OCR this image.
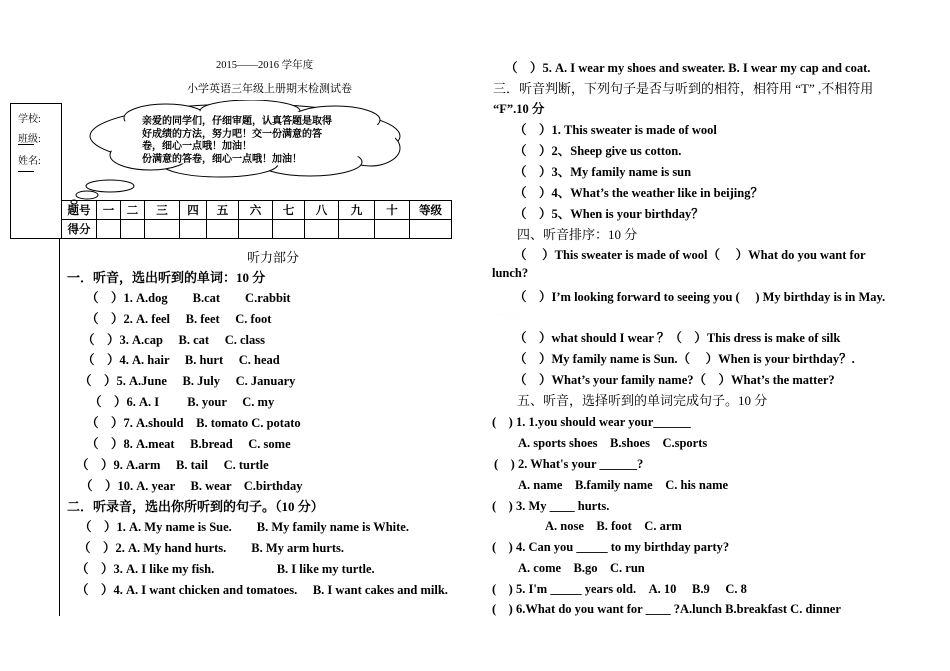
2015——2016 学年度
小学英语三年级上册期末检测试卷
学校:
班级:
姓名:
亲爱的同学们，仔细审题，认真答题是取得
好成绩的方法，努力吧！交一份满意的答
卷，细心一点哦！加油！
份满意的答卷，细心一点哦！加油！
题号	一	二	三	四	五	六	七	八	九	十	等级
得分											
听力部分
一．听音，选出听到的单词：10 分
（　）1. A.dog　　B.cat　　C.rabbit
（　）2. A. feel　 B. feet　 C. foot
（　）3. A.cap　 B. cat　 C. class
（　）4. A. hair　 B. hurt　 C. head
（　）5. A.June　 B. July　 C. January
（　）6. A. I　　 B. your　 C. my
（　）7. A.should　B. tomato C. potato
（　）8. A.meat　 B.bread　 C. some
（　）9. A.arm　 B. tail　 C. turtle
（　）10. A. year　 B. wear　C.birthday
二．听录音，选出你所听到的句子。（10 分）
（　）1. A. My name is Sue.　　B. My family name is White.
（　）2. A. My hand hurts.　　B. My arm hurts.
（　）3. A. I like my fish.　　　　　B. I like my turtle.
（　）4. A. I want chicken and tomatoes.　 B. I want cakes and milk.
（　）5. A. I wear my shoes and sweater. B. I wear my cap and coat.
三．听音判断，下列句子是否与听到的相符，相符用 “T” ,不相符用
“F”.10 分
（　）1. This sweater is made of wool
（　）2、Sheep give us cotton.
（　）3、My family name is sun
（　）4、What’s the weather like in beijing？
（　）5、When is your birthday？
四、听音排序：10 分
（　 ）This sweater is made of wool（　 ）What do you want for
lunch?
（　）I’m looking forward to seeing you (　 ) My birthday is in May.
· · · · · ·
（　）what should I wear ？（　）This dress is make of silk
（　）My family name is Sun.（　 ）When is your birthday？.
（　）What’s your family name?（　）What’s the matter?
五、听音，选择听到的单词完成句子。10 分
(　) 1. 1.you should wear your______
A. sports shoes　B.shoes　C.sports
(　) 2. What's your ______?
A. name　B.family name　C. his name
(　) 3. My ____ hurts.
A. nose　B. foot　C. arm
(　) 4. Can you _____ to my birthday party?
A. come　B.go　C. run
(　) 5. I'm _____ years old.　A. 10　 B.9　 C. 8
(　) 6.What do you want for ____ ?A.lunch B.breakfast C. dinner
